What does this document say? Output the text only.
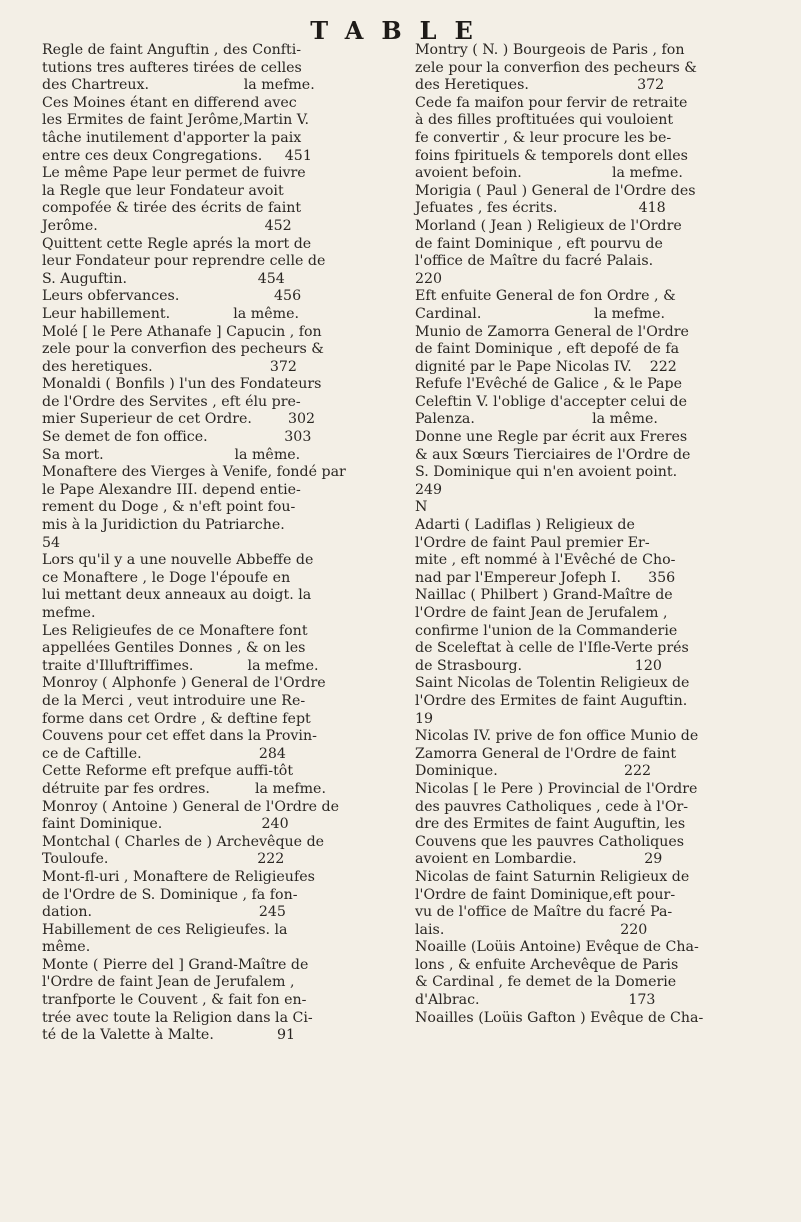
TABLE
Regle de faint Anguftin , des Confti-
tutions tres aufteres tirées de celles
des Chartreux.                     la mefme.
Ces Moines étant en differend avec
les Ermites de faint Jerôme,Martin V.
tâche inutilement d'apporter la paix
entre ces deux Congregations.     451
Le même Pape leur permet de fuivre
la Regle que leur Fondateur avoit
compofée & tirée des écrits de faint
Jerôme.                                     452
Quittent cette Regle aprés la mort de
leur Fondateur pour reprendre celle de
S. Auguftin.                             454
Leurs obfervances.                     456
Leur habillement.              la même.
Molé [ le Pere Athanafe ] Capucin , fon
zele pour la converfion des pecheurs &
des heretiques.                          372
Monaldi ( Bonfils ) l'un des Fondateurs
de l'Ordre des Servites , eft élu pre-
mier Superieur de cet Ordre.        302
Se demet de fon office.                 303
Sa mort.                             la même.
Monaftere des Vierges à Venife, fondé par
le Pape Alexandre III. depend entie-
rement du Doge , & n'eft point fou-
mis à la Juridiction du Patriarche.
54
Lors qu'il y a une nouvelle Abbeffe de
ce Monaftere , le Doge l'époufe en
lui mettant deux anneaux au doigt. la
mefme.
Les Religieufes de ce Monaftere font
appellées Gentiles Donnes , & on les
traite d'Illuftriffimes.            la mefme.
Monroy ( Alphonfe ) General de l'Ordre
de la Merci , veut introduire une Re-
forme dans cet Ordre , & deftine fept
Couvens pour cet effet dans la Provin-
ce de Caftille.                          284
Cette Reforme eft prefque auffi-tôt
détruite par fes ordres.          la mefme.
Monroy ( Antoine ) General de l'Ordre de
faint Dominique.                      240
Montchal ( Charles de ) Archevêque de
Touloufe.                                 222
Mont-fl-uri , Monaftere de Religieufes
de l'Ordre de S. Dominique , fa fon-
dation.                                     245
Habillement de ces Religieufes. la
même.
Monte ( Pierre del ] Grand-Maître de
l'Ordre de faint Jean de Jerufalem ,
tranfporte le Couvent , & fait fon en-
trée avec toute la Religion dans la Ci-
té de la Valette à Malte.              91
Montry ( N. ) Bourgeois de Paris , fon
zele pour la converfion des pecheurs &
des Heretiques.                        372
Cede fa maifon pour fervir de retraite
à des filles proftituées qui vouloient
fe convertir , & leur procure les be-
foins fpirituels & temporels dont elles
avoient befoin.                    la mefme.
Morigia ( Paul ) General de l'Ordre des
Jefuates , fes écrits.                  418
Morland ( Jean ) Religieux de l'Ordre
de faint Dominique , eft pourvu de
l'office de Maître du facré Palais.
220
Eft enfuite General de fon Ordre , &
Cardinal.                         la mefme.
Munio de Zamorra General de l'Ordre
de faint Dominique , eft depofé de fa
dignité par le Pape Nicolas IV.    222
Refufe l'Evêché de Galice , & le Pape
Celeftin V. l'oblige d'accepter celui de
Palenza.                          la même.
Donne une Regle par écrit aux Freres
& aux Sœurs Tierciaires de l'Ordre de
S. Dominique qui n'en avoient point.
249
N
Adarti ( Ladiflas ) Religieux de
l'Ordre de faint Paul premier Er-
mite , eft nommé à l'Evêché de Cho-
nad par l'Empereur Jofeph I.      356
Naillac ( Philbert ) Grand-Maître de
l'Ordre de faint Jean de Jerufalem ,
confirme l'union de la Commanderie
de Sceleftat à celle de l'Ifle-Verte prés
de Strasbourg.                         120
Saint Nicolas de Tolentin Religieux de
l'Ordre des Ermites de faint Auguftin.
19
Nicolas IV. prive de fon office Munio de
Zamorra General de l'Ordre de faint
Dominique.                            222
Nicolas [ le Pere ) Provincial de l'Ordre
des pauvres Catholiques , cede à l'Or-
dre des Ermites de faint Auguftin, les
Couvens que les pauvres Catholiques
avoient en Lombardie.               29
Nicolas de faint Saturnin Religieux de
l'Ordre de faint Dominique,eft pour-
vu de l'office de Maître du facré Pa-
lais.                                       220
Noaille (Loüis Antoine) Evêque de Cha-
lons , & enfuite Archevêque de Paris
& Cardinal , fe demet de la Domerie
d'Albrac.                                 173
Noailles (Loüis Gafton ) Evêque de Cha-
